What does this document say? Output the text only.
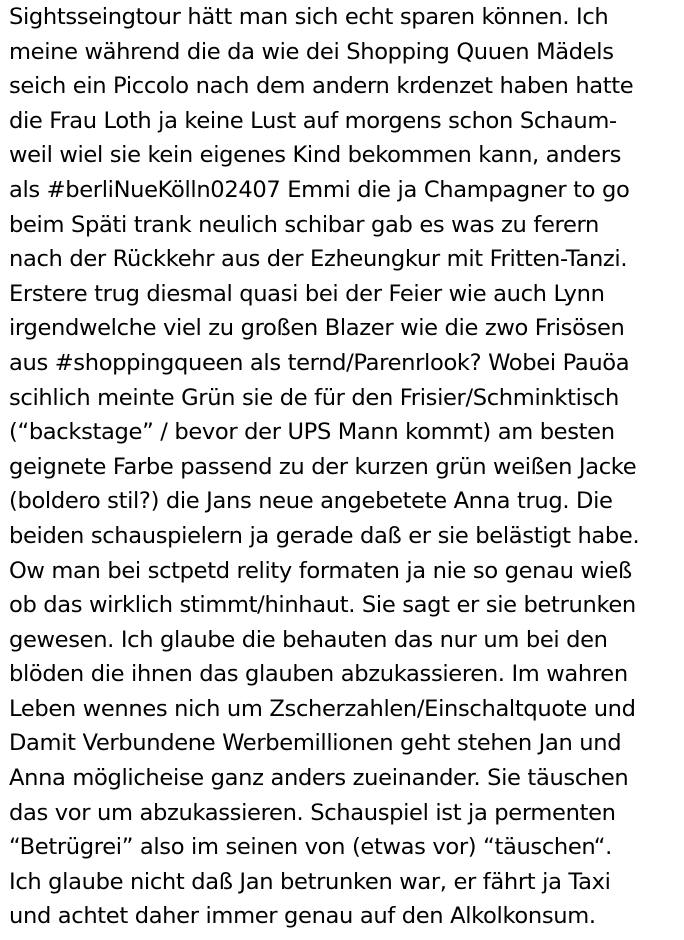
Sightsseingtour hätt man sich echt sparen können. Ich
meine während die da wie dei Shopping Quuen Mädels
seich ein Piccolo nach dem andern krdenzet haben hatte
die Frau Loth ja keine Lust auf morgens schon Schaum-
weil wiel sie kein eigenes Kind bekommen kann, anders
als #berliNueKölln02407 Emmi die ja Champagner to go
beim Späti trank neulich schibar gab es was zu ferern
nach der Rückkehr aus der Ezheungkur mit Fritten-Tanzi.
Erstere trug diesmal quasi bei der Feier wie auch Lynn
irgendwelche viel zu großen Blazer wie die zwo Frisösen
aus #shoppingqueen als ternd/Parenrlook? Wobei Pauöa
scihlich meinte Grün sie de für den Frisier/Schminktisch
(“backstage” / bevor der UPS Mann kommt) am besten
geignete Farbe passend zu der kurzen grün weißen Jacke
(boldero stil?) die Jans neue angebetete Anna trug. Die
beiden schauspielern ja gerade daß er sie belästigt habe.
Ow man bei sctpetd relity formaten ja nie so genau wieß
ob das wirklich stimmt/hinhaut. Sie sagt er sie betrunken
gewesen. Ich glaube die behauten das nur um bei den
blöden die ihnen das glauben abzukassieren. Im wahren
Leben wennes nich um Zscherzahlen/Einschaltquote und
Damit Verbundene Werbemillionen geht stehen Jan und
Anna möglicheise ganz anders zueinander. Sie täuschen
das vor um abzukassieren. Schauspiel ist ja permenten
“Betrügrei” also im seinen von (etwas vor) “täuschen“.
Ich glaube nicht daß Jan betrunken war, er fährt ja Taxi
und achtet daher immer genau auf den Alkolkonsum.
